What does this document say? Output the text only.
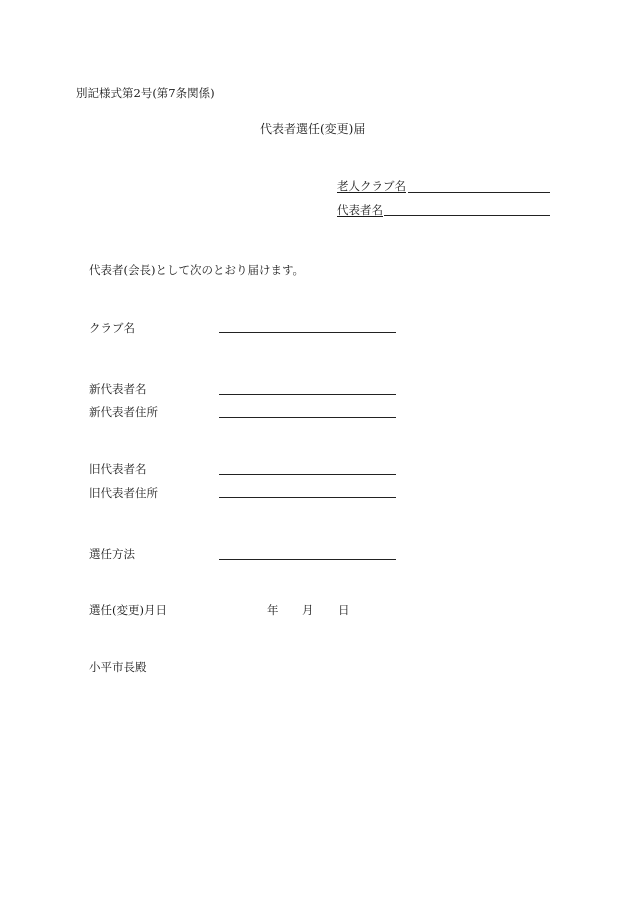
別記様式第2号(第7条関係)
代表者選任(変更)届
老人クラブ名
代表者名
代表者(会長)として次のとおり届けます。
クラブ名
新代表者名
新代表者住所
旧代表者名
旧代表者住所
選任方法
選任(変更)月日	年 月 日
小平市長殿
